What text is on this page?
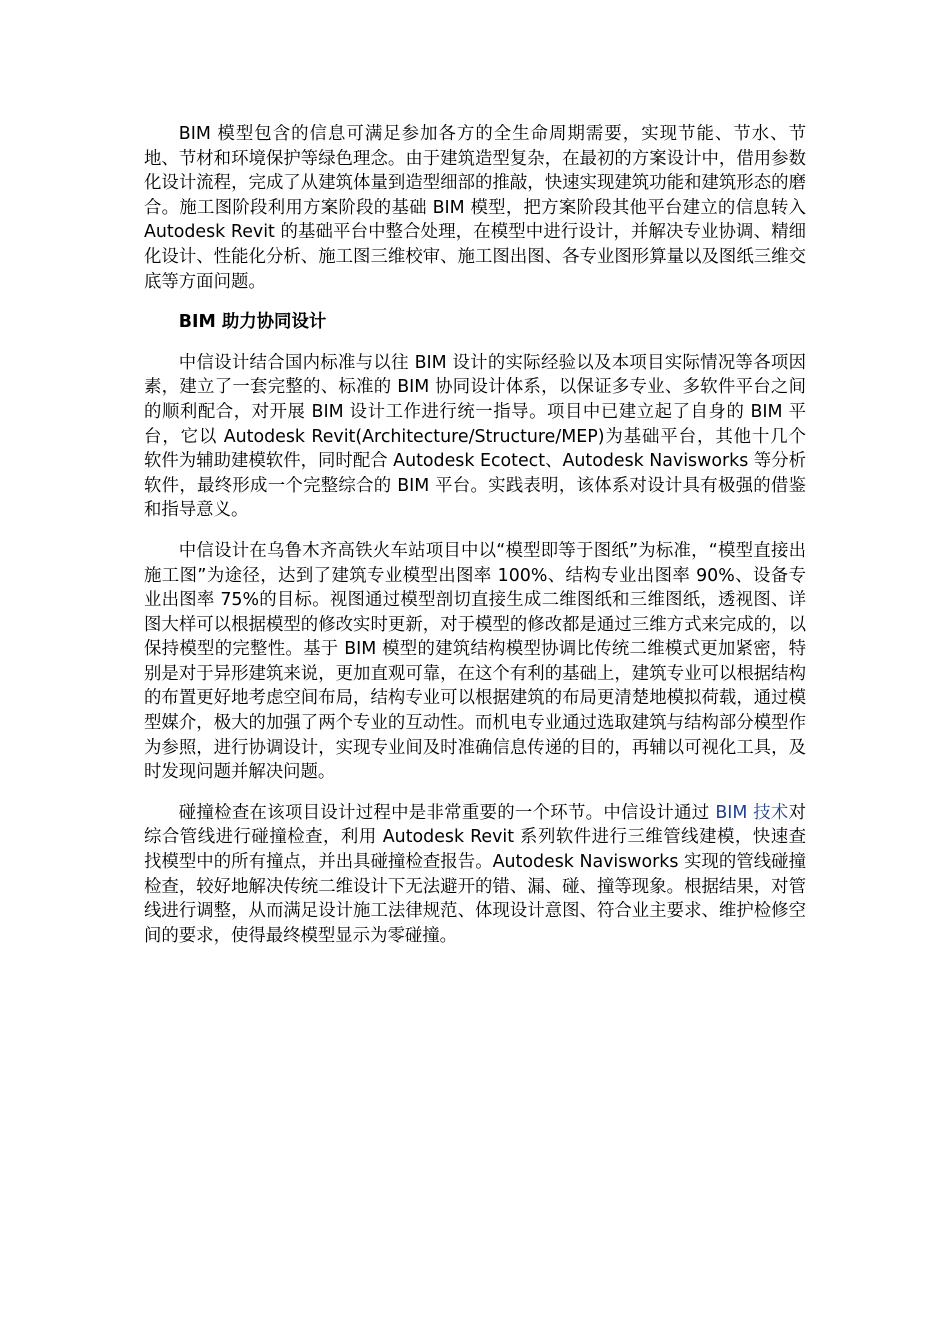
BIM 模型包含的信息可满足参加各方的全生命周期需要，实现节能、节水、节地、节材和环境保护等绿色理念。由于建筑造型复杂，在最初的方案设计中，借用参数化设计流程，完成了从建筑体量到造型细部的推敲，快速实现建筑功能和建筑形态的磨合。施工图阶段利用方案阶段的基础 BIM 模型，把方案阶段其他平台建立的信息转入 Autodesk Revit 的基础平台中整合处理，在模型中进行设计，并解决专业协调、精细化设计、性能化分析、施工图三维校审、施工图出图、各专业图形算量以及图纸三维交底等方面问题。

BIM 助力协同设计

中信设计结合国内标准与以往 BIM 设计的实际经验以及本项目实际情况等各项因素，建立了一套完整的、标准的 BIM 协同设计体系，以保证多专业、多软件平台之间的顺利配合，对开展 BIM 设计工作进行统一指导。项目中已建立起了自身的 BIM 平台，它以 Autodesk Revit(Architecture/Structure/MEP)为基础平台，其他十几个软件为辅助建模软件，同时配合 Autodesk Ecotect、Autodesk Navisworks 等分析软件，最终形成一个完整综合的 BIM 平台。实践表明，该体系对设计具有极强的借鉴和指导意义。

中信设计在乌鲁木齐高铁火车站项目中以“模型即等于图纸”为标准，“模型直接出施工图”为途径，达到了建筑专业模型出图率 100%、结构专业出图率 90%、设备专业出图率 75%的目标。视图通过模型剖切直接生成二维图纸和三维图纸，透视图、详图大样可以根据模型的修改实时更新，对于模型的修改都是通过三维方式来完成的，以保持模型的完整性。基于 BIM 模型的建筑结构模型协调比传统二维模式更加紧密，特别是对于异形建筑来说，更加直观可靠，在这个有利的基础上，建筑专业可以根据结构的布置更好地考虑空间布局，结构专业可以根据建筑的布局更清楚地模拟荷载，通过模型媒介，极大的加强了两个专业的互动性。而机电专业通过选取建筑与结构部分模型作为参照，进行协调设计，实现专业间及时准确信息传递的目的，再辅以可视化工具，及时发现问题并解决问题。

碰撞检查在该项目设计过程中是非常重要的一个环节。中信设计通过 BIM 技术对综合管线进行碰撞检查，利用 Autodesk Revit 系列软件进行三维管线建模，快速查找模型中的所有撞点，并出具碰撞检查报告。Autodesk Navisworks 实现的管线碰撞检查，较好地解决传统二维设计下无法避开的错、漏、碰、撞等现象。根据结果，对管线进行调整，从而满足设计施工法律规范、体现设计意图、符合业主要求、维护检修空间的要求，使得最终模型显示为零碰撞。
